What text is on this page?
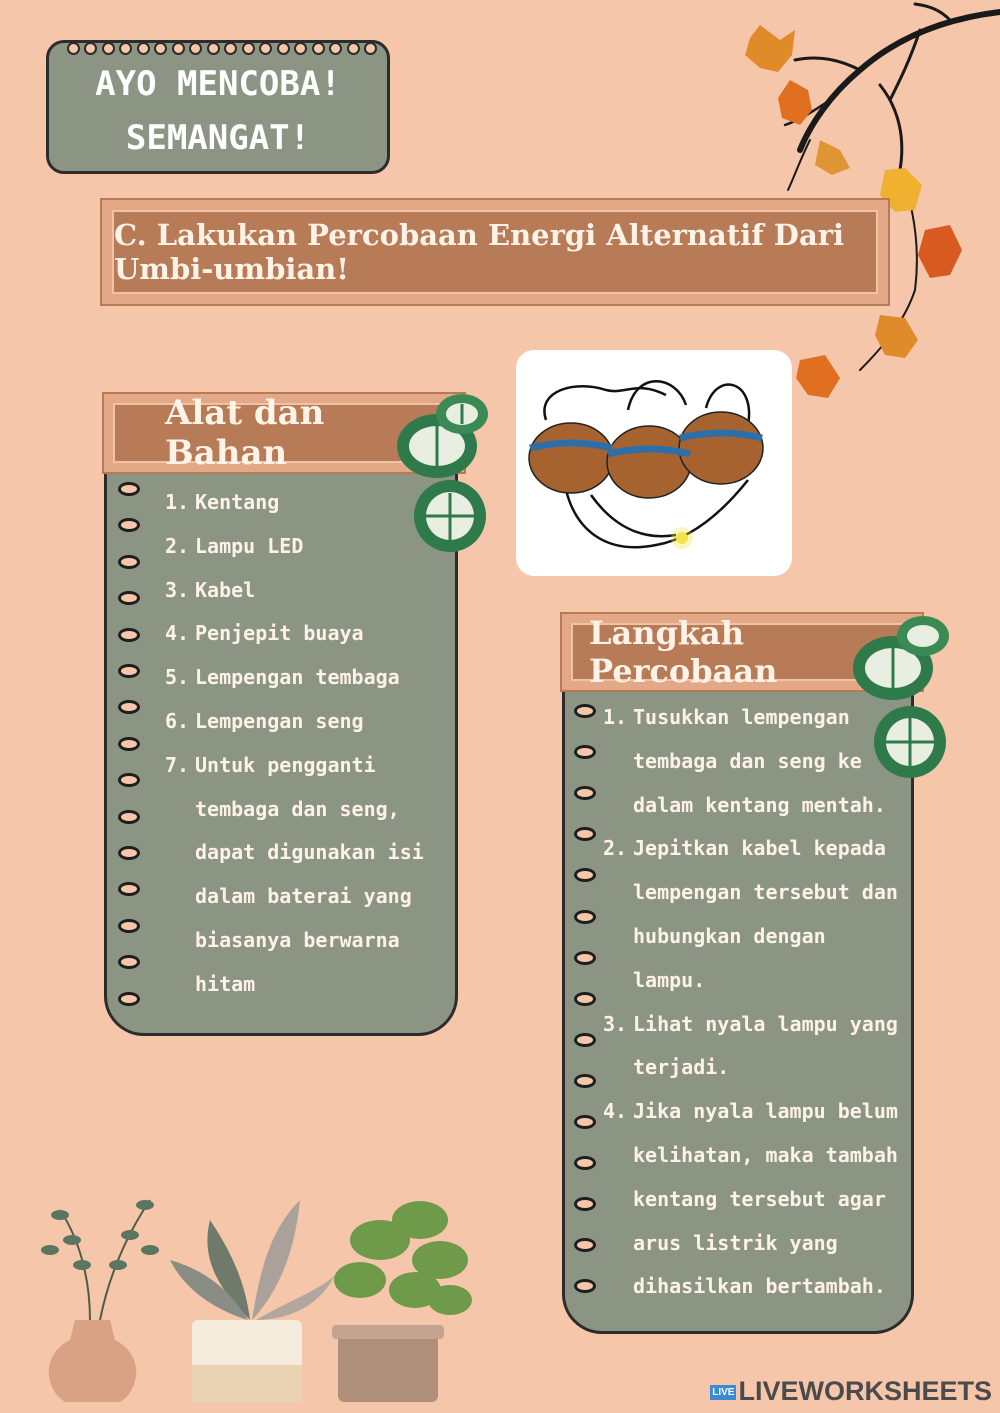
AYO MENCOBA!
SEMANGAT!
C. Lakukan Percobaan Energi Alternatif Dari Umbi-umbian!
1. Kentang
2. Lampu LED
3. Kabel
4. Penjepit buaya
5. Lempengan tembaga
6. Lempengan seng
7. Untuk pengganti
tembaga dan seng,
dapat digunakan isi
dalam baterai yang
biasanya berwarna
hitam
Alat dan Bahan
1. Tusukkan lempengan
tembaga dan seng ke
dalam kentang mentah.
2. Jepitkan kabel kepada
lempengan tersebut dan
hubungkan dengan
lampu.
3. Lihat nyala lampu yang
terjadi.
4. Jika nyala lampu belum
kelihatan, maka tambah
kentang tersebut agar
arus listrik yang
dihasilkan bertambah.
Langkah Percobaan
LIVE LIVEWORKSHEETS
